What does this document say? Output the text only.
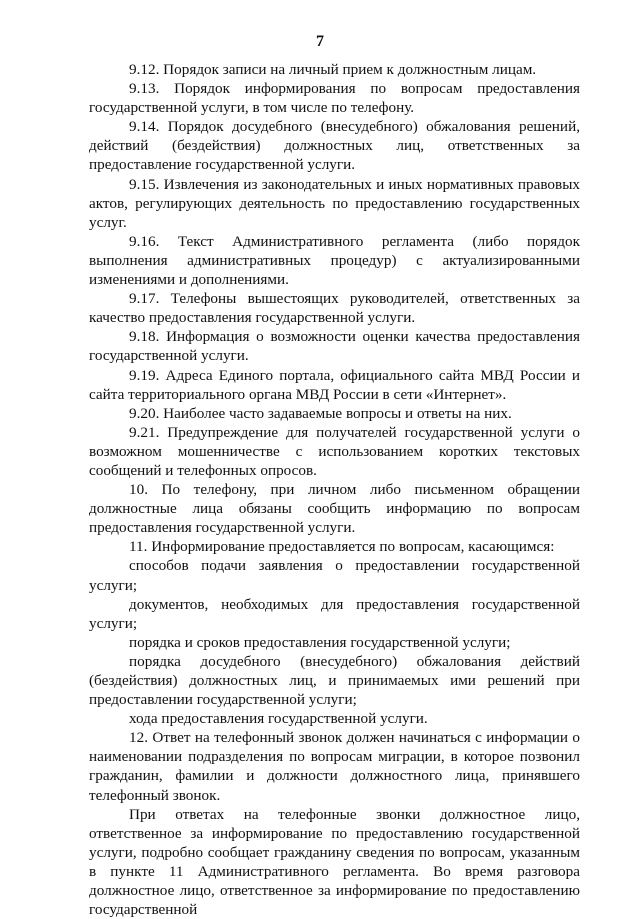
7

9.12. Порядок записи на личный прием к должностным лицам.

9.13. Порядок информирования по вопросам предоставления государственной услуги, в том числе по телефону.

9.14. Порядок досудебного (внесудебного) обжалования решений, действий (бездействия) должностных лиц, ответственных за предоставление государственной услуги.

9.15. Извлечения из законодательных и иных нормативных правовых актов, регулирующих деятельность по предоставлению государственных услуг.

9.16. Текст Административного регламента (либо порядок выполнения административных процедур) с актуализированными изменениями и дополнениями.

9.17. Телефоны вышестоящих руководителей, ответственных за качество предоставления государственной услуги.

9.18. Информация о возможности оценки качества предоставления государственной услуги.

9.19. Адреса Единого портала, официального сайта МВД России и сайта территориального органа МВД России в сети «Интернет».

9.20. Наиболее часто задаваемые вопросы и ответы на них.

9.21. Предупреждение для получателей государственной услуги о возможном мошенничестве с использованием коротких текстовых сообщений и телефонных опросов.

10. По телефону, при личном либо письменном обращении должностные лица обязаны сообщить информацию по вопросам предоставления государственной услуги.

11. Информирование предоставляется по вопросам, касающимся:

способов подачи заявления о предоставлении государственной услуги;

документов, необходимых для предоставления государственной услуги;

порядка и сроков предоставления государственной услуги;

порядка досудебного (внесудебного) обжалования действий (бездействия) должностных лиц, и принимаемых ими решений при предоставлении государственной услуги;

хода предоставления государственной услуги.

12. Ответ на телефонный звонок должен начинаться с информации о наименовании подразделения по вопросам миграции, в которое позвонил гражданин, фамилии и должности должностного лица, принявшего телефонный звонок.

При ответах на телефонные звонки должностное лицо, ответственное за информирование по предоставлению государственной услуги, подробно сообщает гражданину сведения по вопросам, указанным в пункте 11 Административного регламента. Во время разговора должностное лицо, ответственное за информирование по предоставлению государственной
